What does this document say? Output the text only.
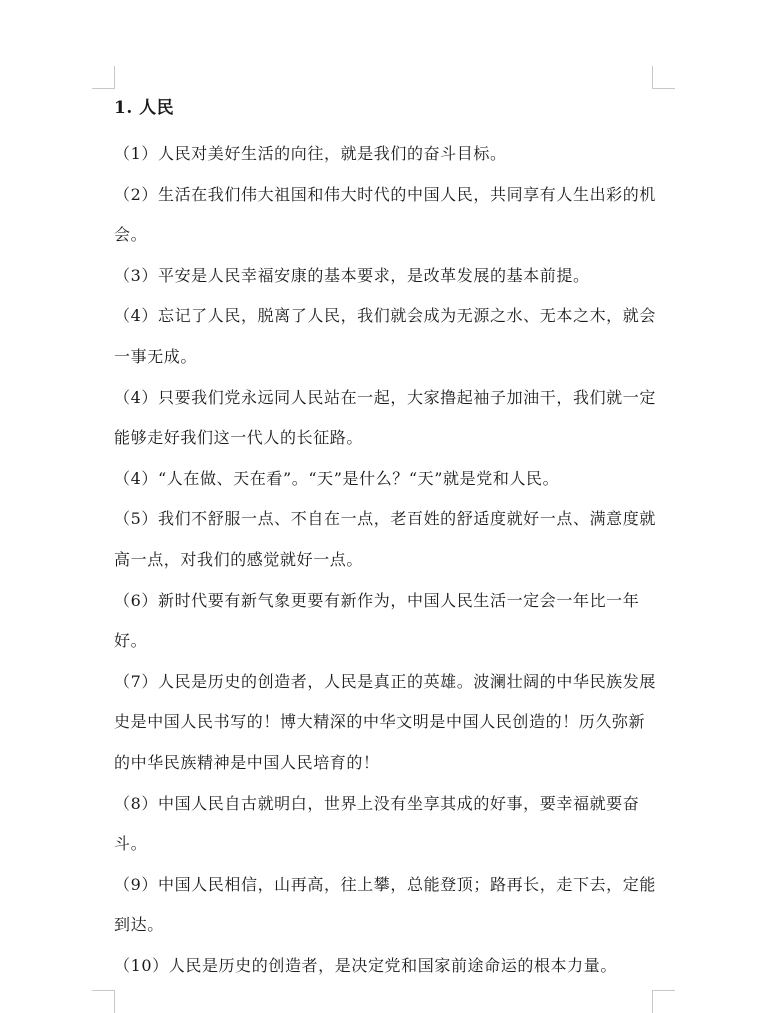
1. 人民

（1）人民对美好生活的向往，就是我们的奋斗目标。

（2）生活在我们伟大祖国和伟大时代的中国人民，共同享有人生出彩的机会。

（3）平安是人民幸福安康的基本要求，是改革发展的基本前提。

（4）忘记了人民，脱离了人民，我们就会成为无源之水、无本之木，就会一事无成。

（4）只要我们党永远同人民站在一起，大家撸起袖子加油干，我们就一定能够走好我们这一代人的长征路。

（4）“人在做、天在看”。“天”是什么？“天”就是党和人民。

（5）我们不舒服一点、不自在一点，老百姓的舒适度就好一点、满意度就高一点，对我们的感觉就好一点。

（6）新时代要有新气象更要有新作为，中国人民生活一定会一年比一年好。

（7）人民是历史的创造者，人民是真正的英雄。波澜壮阔的中华民族发展史是中国人民书写的！博大精深的中华文明是中国人民创造的！历久弥新的中华民族精神是中国人民培育的！

（8）中国人民自古就明白，世界上没有坐享其成的好事，要幸福就要奋斗。

（9）中国人民相信，山再高，往上攀，总能登顶；路再长，走下去，定能到达。

（10）人民是历史的创造者，是决定党和国家前途命运的根本力量。
